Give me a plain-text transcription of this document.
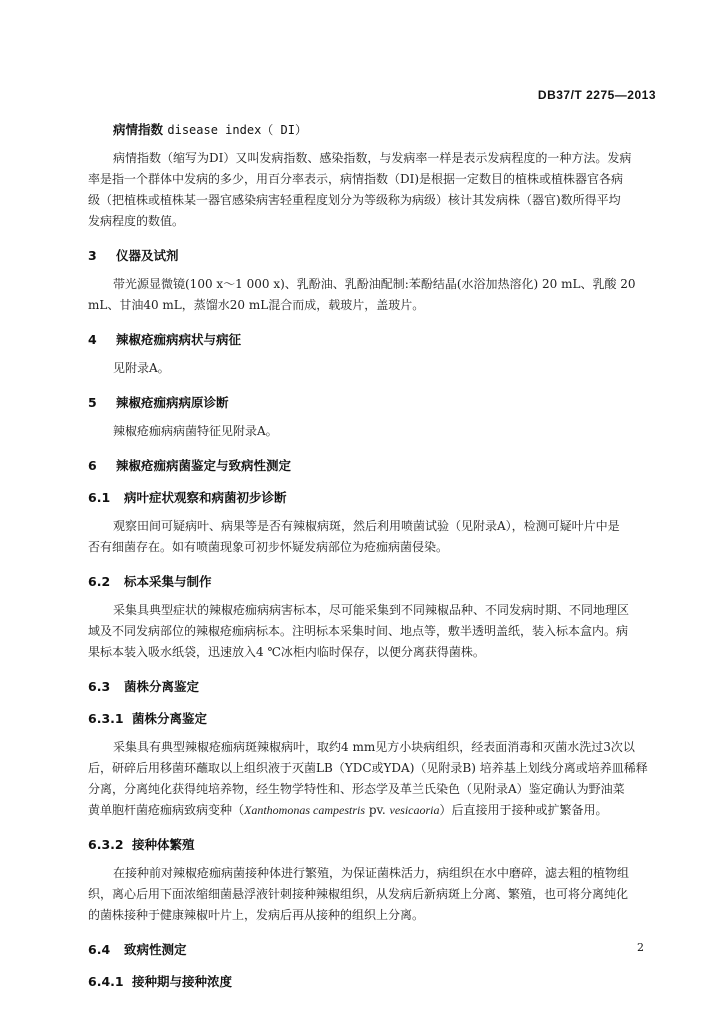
DB37/T 2275—2013
病情指数 disease index（ DI）

病情指数（缩写为DI）又叫发病指数、感染指数，与发病率一样是表示发病程度的一种方法。发病
率是指一个群体中发病的多少，用百分率表示，病情指数（DI)是根据一定数目的植株或植株器官各病
级（把植株或植株某一器官感染病害轻重程度划分为等级称为病级）核计其发病株（器官)数所得平均
发病程度的数值。

3 仪器及试剂

带光源显微镜(100 x～1 000 x)、乳酚油、乳酚油配制:苯酚结晶(水浴加热溶化) 20 mL、乳酸 20
mL、甘油40 mL，蒸馏水20 mL混合而成，载玻片，盖玻片。

4 辣椒疮痂病病状与病征

见附录A。

5 辣椒疮痂病病原诊断

辣椒疮痂病病菌特征见附录A。

6 辣椒疮痂病菌鉴定与致病性测定
6.1 病叶症状观察和病菌初步诊断

观察田间可疑病叶、病果等是否有辣椒病斑，然后利用喷菌试验（见附录A），检测可疑叶片中是
否有细菌存在。如有喷菌现象可初步怀疑发病部位为疮痂病菌侵染。

6.2 标本采集与制作

采集具典型症状的辣椒疮痂病病害标本，尽可能采集到不同辣椒品种、不同发病时期、不同地理区
域及不同发病部位的辣椒疮痂病标本。注明标本采集时间、地点等，敷半透明盖纸，装入标本盒内。病
果标本装入吸水纸袋，迅速放入4 ℃冰柜内临时保存，以便分离获得菌株。

6.3 菌株分离鉴定
6.3.1 菌株分离鉴定

采集具有典型辣椒疮痂病斑辣椒病叶，取约4 mm见方小块病组织，经表面消毒和灭菌水洗过3次以
后，研碎后用移菌环蘸取以上组织液于灭菌LB（YDC或YDA)（见附录B) 培养基上划线分离或培养皿稀释
分离，分离纯化获得纯培养物，经生物学特性和、形态学及革兰氏染色（见附录A）鉴定确认为野油菜
黄单胞杆菌疮痂病致病变种（Xanthomonas campestris pv. vesicaoria）后直接用于接种或扩繁备用。

6.3.2 接种体繁殖

在接种前对辣椒疮痂病菌接种体进行繁殖，为保证菌株活力，病组织在水中磨碎，滤去粗的植物组
织，离心后用下面浓缩细菌悬浮液针刺接种辣椒组织，从发病后新病斑上分离、繁殖，也可将分离纯化
的菌株接种于健康辣椒叶片上，发病后再从接种的组织上分离。

6.4 致病性测定
6.4.1 接种期与接种浓度
2
